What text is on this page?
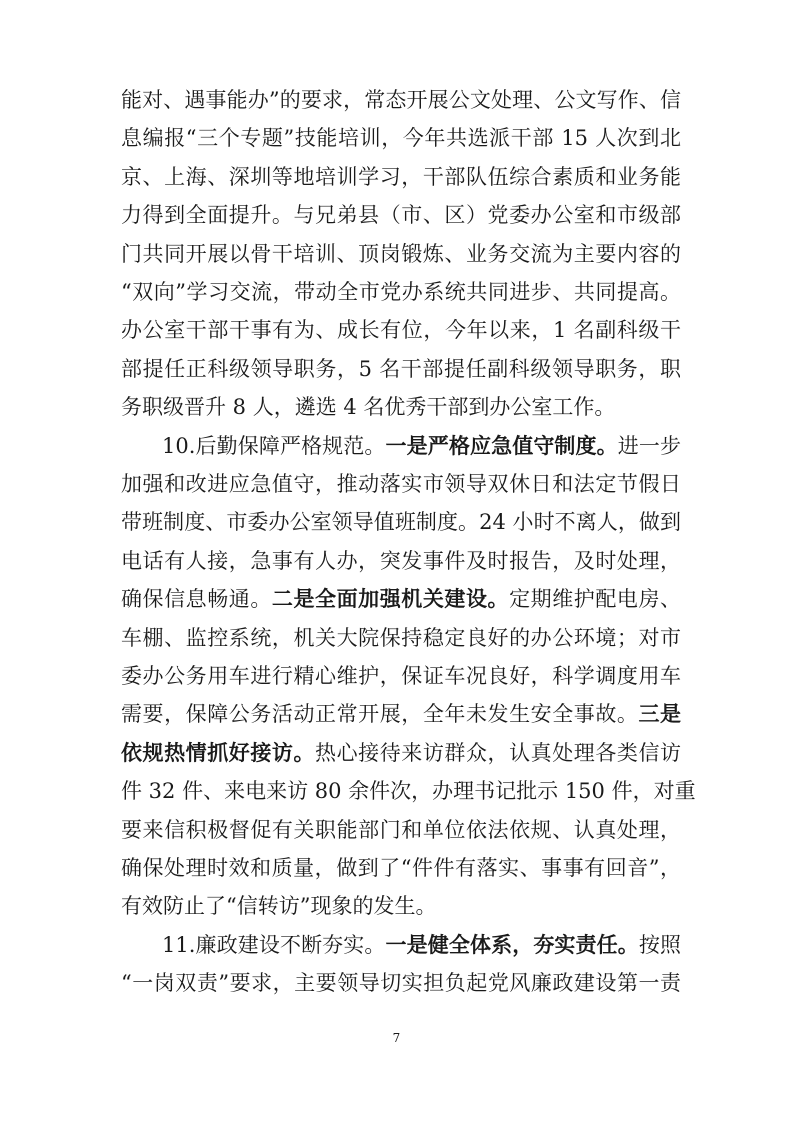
能对、遇事能办”的要求，常态开展公文处理、公文写作、信
息编报“三个专题”技能培训，今年共选派干部 15 人次到北
京、上海、深圳等地培训学习，干部队伍综合素质和业务能
力得到全面提升。与兄弟县（市、区）党委办公室和市级部
门共同开展以骨干培训、顶岗锻炼、业务交流为主要内容的
“双向”学习交流，带动全市党办系统共同进步、共同提高。
办公室干部干事有为、成长有位，今年以来，1 名副科级干
部提任正科级领导职务，5 名干部提任副科级领导职务，职
务职级晋升 8 人，遴选 4 名优秀干部到办公室工作。
10.后勤保障严格规范。一是严格应急值守制度。进一步
加强和改进应急值守，推动落实市领导双休日和法定节假日
带班制度、市委办公室领导值班制度。24 小时不离人，做到
电话有人接，急事有人办，突发事件及时报告，及时处理，
确保信息畅通。二是全面加强机关建设。定期维护配电房、
车棚、监控系统，机关大院保持稳定良好的办公环境；对市
委办公务用车进行精心维护，保证车况良好，科学调度用车
需要，保障公务活动正常开展，全年未发生安全事故。三是
依规热情抓好接访。热心接待来访群众，认真处理各类信访
件 32 件、来电来访 80 余件次，办理书记批示 150 件，对重
要来信积极督促有关职能部门和单位依法依规、认真处理，
确保处理时效和质量，做到了“件件有落实、事事有回音”，
有效防止了“信转访”现象的发生。
11.廉政建设不断夯实。一是健全体系，夯实责任。按照
“一岗双责”要求，主要领导切实担负起党风廉政建设第一责
7
